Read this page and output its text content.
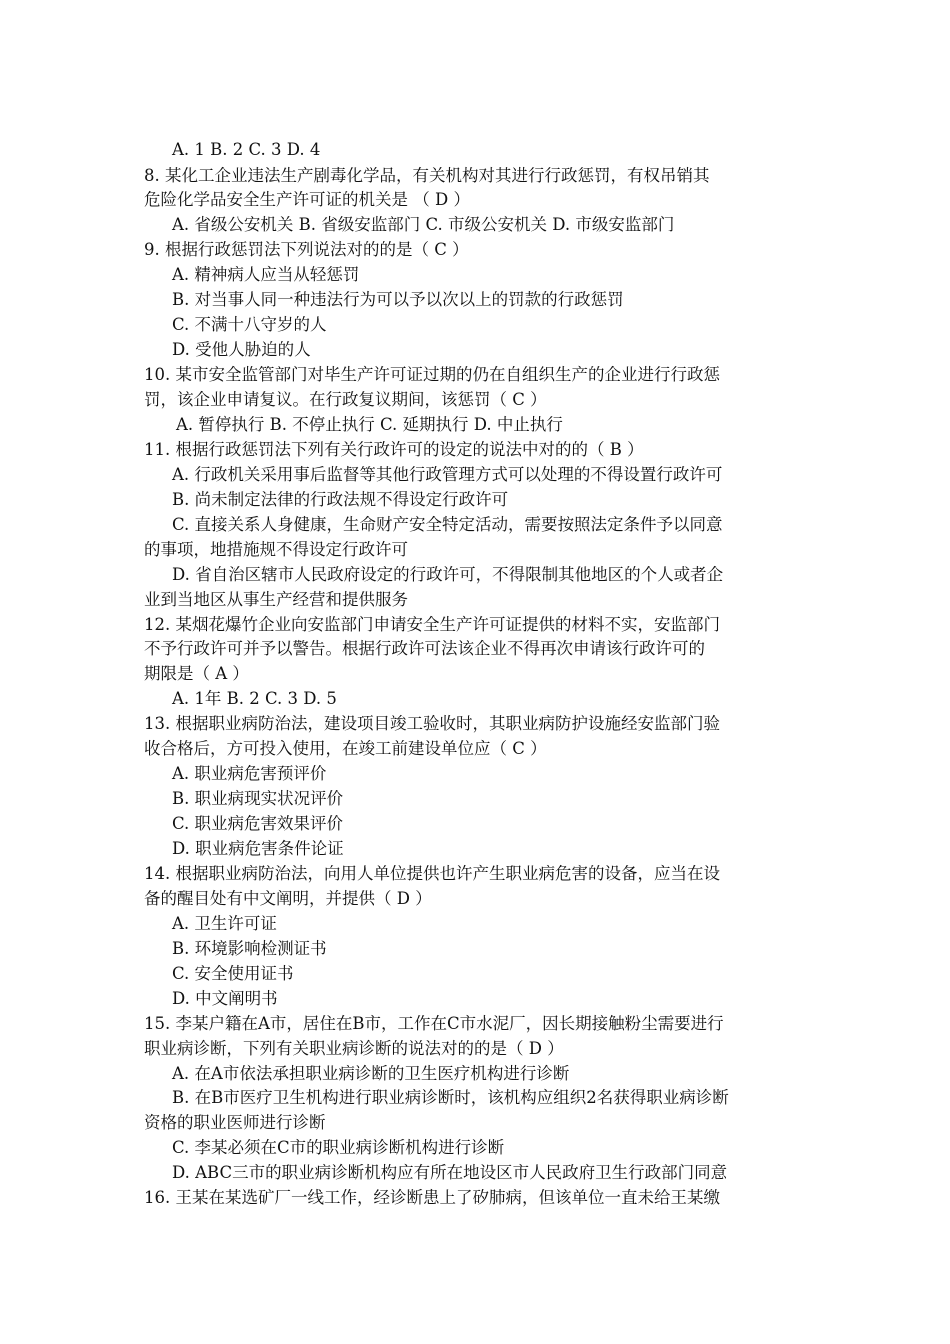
A. 1 B. 2 C. 3 D. 4
8. 某化工企业违法生产剧毒化学品，有关机构对其进行行政惩罚，有权吊销其
危险化学品安全生产许可证的机关是 （ D ）
A. 省级公安机关 B. 省级安监部门 C. 市级公安机关 D. 市级安监部门
9. 根据行政惩罚法下列说法对的的是（ C ）
A. 精神病人应当从轻惩罚
B. 对当事人同一种违法行为可以予以次以上的罚款的行政惩罚
C. 不满十八守岁的人
D. 受他人胁迫的人
10. 某市安全监管部门对毕生产许可证过期的仍在自组织生产的企业进行行政惩
罚，该企业申请复议。在行政复议期间，该惩罚（ C ）
A. 暂停执行 B. 不停止执行 C. 延期执行 D. 中止执行
11. 根据行政惩罚法下列有关行政许可的设定的说法中对的的（ B ）
A. 行政机关采用事后监督等其他行政管理方式可以处理的不得设置行政许可
B. 尚未制定法律的行政法规不得设定行政许可
C. 直接关系人身健康，生命财产安全特定活动，需要按照法定条件予以同意
的事项，地措施规不得设定行政许可
D. 省自治区辖市人民政府设定的行政许可，不得限制其他地区的个人或者企
业到当地区从事生产经营和提供服务
12. 某烟花爆竹企业向安监部门申请安全生产许可证提供的材料不实，安监部门
不予行政许可并予以警告。根据行政许可法该企业不得再次申请该行政许可的
期限是（ A ）
A. 1年 B. 2 C. 3 D. 5
13. 根据职业病防治法，建设项目竣工验收时，其职业病防护设施经安监部门验
收合格后，方可投入使用，在竣工前建设单位应（ C ）
A. 职业病危害预评价
B. 职业病现实状况评价
C. 职业病危害效果评价
D. 职业病危害条件论证
14. 根据职业病防治法，向用人单位提供也许产生职业病危害的设备，应当在设
备的醒目处有中文阐明，并提供（ D ）
A. 卫生许可证
B. 环境影响检测证书
C. 安全使用证书
D. 中文阐明书
15. 李某户籍在A市，居住在B市，工作在C市水泥厂，因长期接触粉尘需要进行
职业病诊断，下列有关职业病诊断的说法对的的是（ D ）
A. 在A市依法承担职业病诊断的卫生医疗机构进行诊断
B. 在B市医疗卫生机构进行职业病诊断时，该机构应组织2名获得职业病诊断
资格的职业医师进行诊断
C. 李某必须在C市的职业病诊断机构进行诊断
D. ABC三市的职业病诊断机构应有所在地设区市人民政府卫生行政部门同意
16. 王某在某选矿厂一线工作，经诊断患上了矽肺病，但该单位一直未给王某缴
